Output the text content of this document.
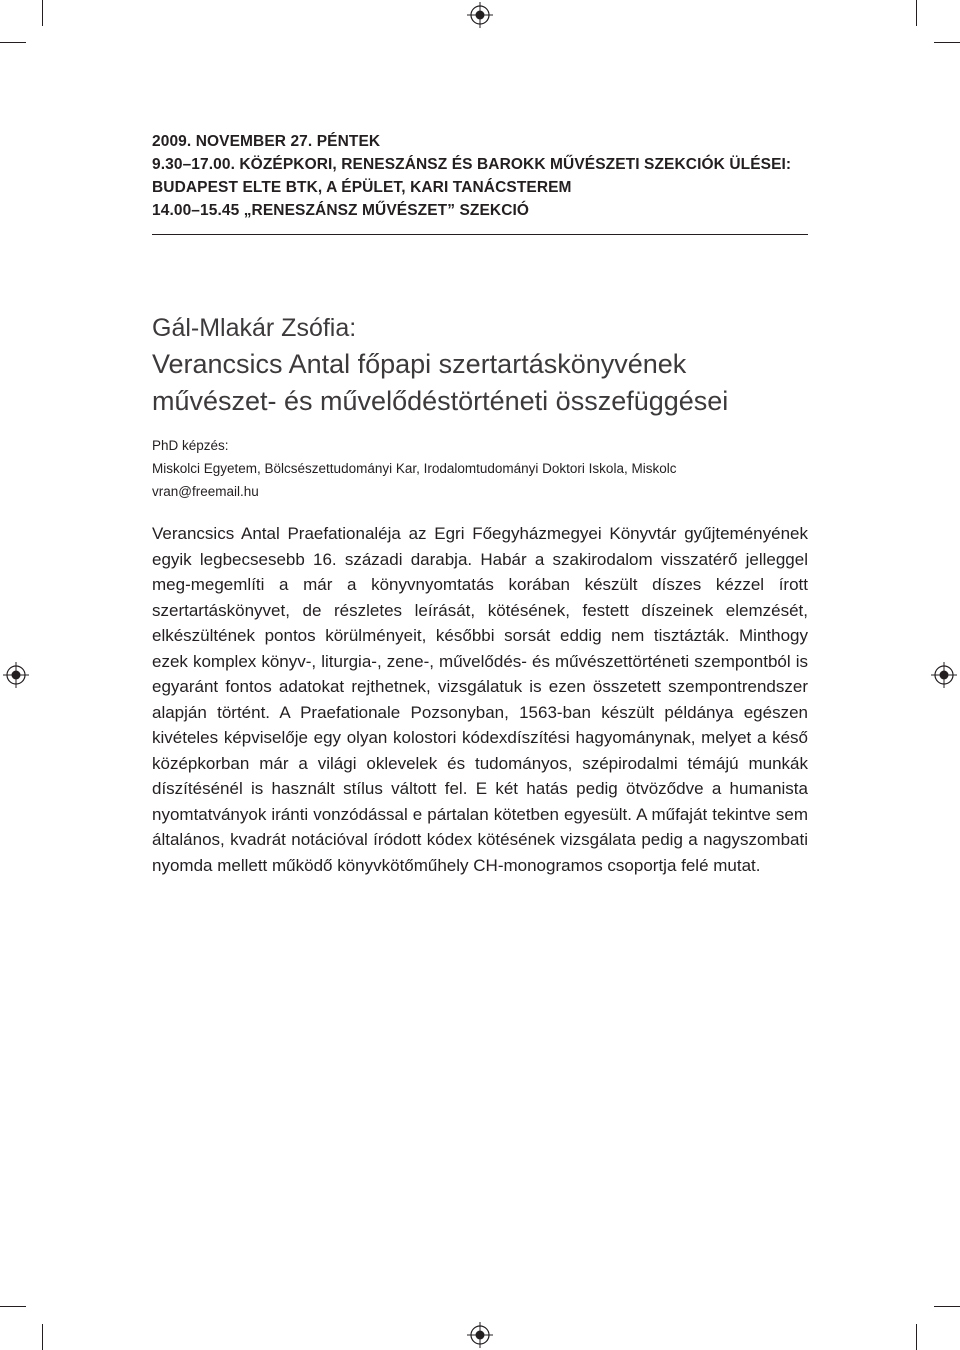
2009. NOVEMBER 27. PÉNTEK
9.30–17.00. KÖZÉPKORI, RENESZÁNSZ ÉS BAROKK MŰVÉSZETI SZEKCIÓK ÜLÉSEI:
BUDAPEST ELTE BTK, A ÉPÜLET, KARI TANÁCSTEREM
14.00–15.45 „RENESZÁNSZ MŰVÉSZET” SZEKCIÓ
Gál-Mlakár Zsófia:
Verancsics Antal főpapi szertartáskönyvének
művészet- és művelődéstörténeti összefüggései
PhD képzés:
Miskolci Egyetem, Bölcsészettudományi Kar, Irodalomtudományi Doktori Iskola, Miskolc
vran@freemail.hu

Verancsics Antal Praefationaléja az Egri Főegyházmegyei Könyvtár gyűjteményének egyik legbecsesebb 16. századi darabja. Habár a szakirodalom visszatérő jelleggel meg-megemlíti a már a könyvnyomtatás korában készült díszes kézzel írott szertartáskönyvet, de részletes leírását, kötésének, festett díszeinek elemzését, elkészültének pontos körülményeit, későbbi sorsát eddig nem tisztázták. Minthogy ezek komplex könyv-, liturgia-, zene-, művelődés- és művészettörténeti szempontból is egyaránt fontos adatokat rejthetnek, vizsgálatuk is ezen összetett szempontrendszer alapján történt. A Praefationale Pozsonyban, 1563-ban készült példánya egészen kivételes képviselője egy olyan kolostori kódexdíszítési hagyománynak, melyet a késő középkorban már a világi oklevelek és tudományos, szépirodalmi témájú munkák díszítésénél is használt stílus váltott fel. E két hatás pedig ötvöződve a humanista nyomtatványok iránti vonzódással e pártalan kötetben egyesült. A műfaját tekintve sem általános, kvadrát notációval íródott kódex kötésének vizsgálata pedig a nagyszombati nyomda mellett működő könyvkötőműhely CH-monogramos csoportja felé mutat.
